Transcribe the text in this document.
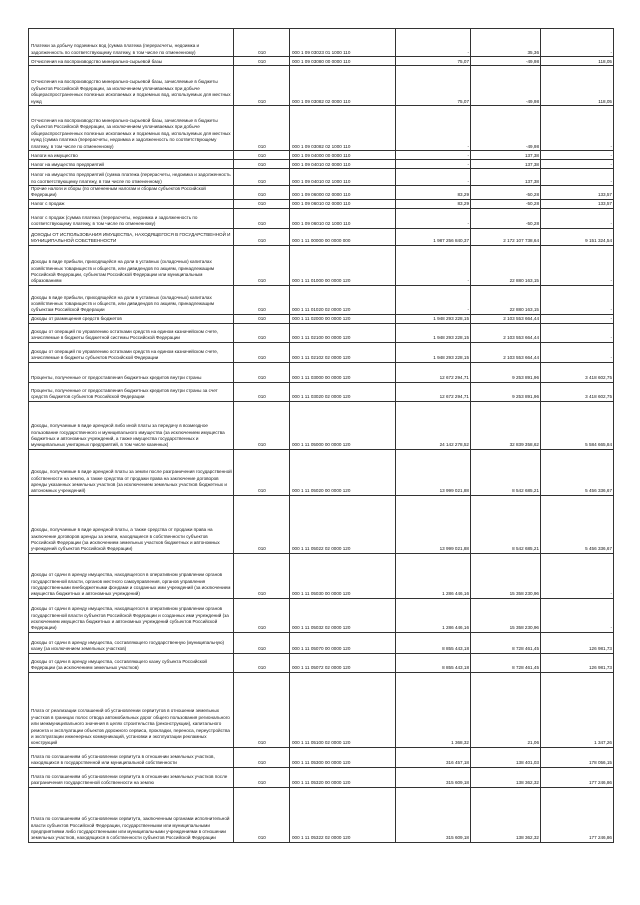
Платежи за добычу подземных вод (сумма платежа (перерасчеты, недоимка и задолженность по соответствующему платежу, в том числе по отмененному)	010	000 1 09 03023 01 1000 110	-	35,36	-
Отчисления на воспроизводство минерально-сырьевой базы	010	000 1 09 03080 00 0000 110	75,07	-49,98	118,05
Отчисления на воспроизводство минерально-сырьевой базы, зачисляемые в бюджеты субъектов Российской Федерации, за исключением уплачиваемых при добыче общераспространенных полезных ископаемых и подземных вод, используемых для местных нужд	010	000 1 09 03082 02 0000 110	75,07	-49,98	118,05
Отчисления на воспроизводство минерально-сырьевой базы, зачисляемые в бюджеты субъектов Российской Федерации, за исключением уплачиваемых при добыче общераспространенных полезных ископаемых и подземных вод, используемых для местных нужд (сумма платежа (перерасчеты, недоимка и задолженность по соответствующему платежу, в том числе по отмененному)	010	000 1 09 03082 02 1000 110	-	-49,98	-
Налоги на имущество	010	000 1 09 04000 00 0000 110	-	137,38	-
Налог на имущество предприятий	010	000 1 09 04010 02 0000 110	-	137,38	-
Налог на имущество предприятий (сумма платежа (перерасчеты, недоимка и задолженность по соответствующему платежу, в том числе по отмененному)	010	000 1 09 04010 02 1000 110	-	137,38	-
Прочие налоги и сборы (по отмененным налогам и сборам субъектов Российской Федерации)	010	000 1 09 06000 02 0000 110	83,29	-50,28	133,57
Налог с продаж	010	000 1 09 06010 02 0000 110	83,29	-50,28	133,57
Налог с продаж (сумма платежа (перерасчеты, недоимка и задолженность по соответствующему платежу, в том числе по отмененному)	010	000 1 09 06010 02 1000 110	-	-50,28	-
ДОХОДЫ ОТ ИСПОЛЬЗОВАНИЯ ИМУЩЕСТВА, НАХОДЯЩЕГОСЯ В ГОСУДАРСТВЕННОЙ И МУНИЦИПАЛЬНОЙ СОБСТВЕННОСТИ	010	000 1 11 00000 00 0000 000	1 987 256 840,37	2 172 107 738,64	9 151 324,54
Доходы в виде прибыли, приходящейся на доли в уставных (складочных) капиталах хозяйственных товариществ и обществ, или дивидендов по акциям, принадлежащим Российской Федерации, субъектам Российской Федерации или муниципальным образованиям	010	000 1 11 01000 00 0000 120	-	22 880 163,15	-
Доходы в виде прибыли, приходящейся на доли в уставных (складочных) капиталах хозяйственных товариществ и обществ, или дивидендов по акциям, принадлежащим субъектам Российской Федерации	010	000 1 11 01020 02 0000 120	-	22 880 163,15	-
Доходы от размещения средств бюджетов	010	000 1 11 02000 00 0000 120	1 948 293 228,15	2 103 553 664,44	-
Доходы от операций по управлению остатками средств на едином казначейском счете, зачисляемые в бюджеты бюджетной системы Российской Федерации	010	000 1 11 02100 00 0000 120	1 948 293 228,15	2 103 553 664,44	-
Доходы от операций по управлению остатками средств на едином казначейском счете, зачисляемые в бюджеты субъектов Российской Федерации	010	000 1 11 02102 02 0000 120	1 948 293 228,15	2 103 553 664,44	-
Проценты, полученные от предоставления бюджетных кредитов внутри страны	010	000 1 11 03000 00 0000 120	12 672 294,71	9 253 891,96	3 418 602,75
Проценты, полученные от предоставления бюджетных кредитов внутри страны за счет средств бюджетов субъектов Российской Федерации	010	000 1 11 03020 02 0000 120	12 672 294,71	9 253 891,96	3 418 602,75
Доходы, получаемые в виде арендной либо иной платы за передачу в возмездное пользование государственного и муниципального имущества (за исключением имущества бюджетных и автономных учреждений, а также имущества государственных и муниципальных унитарных предприятий, в том числе казенных)	010	000 1 11 05000 00 0000 120	24 142 278,52	32 839 358,62	5 584 665,84
Доходы, получаемые в виде арендной платы за земли после разграничения государственной собственности на землю, а также средства от продажи права на заключение договоров аренды указанных земельных участков (за исключением земельных участков бюджетных и автономных учреждений)	010	000 1 11 05020 00 0000 120	13 999 021,88	8 542 685,21	5 456 336,67
Доходы, получаемые в виде арендной платы, а также средства от продажи права на заключение договоров аренды за земли, находящиеся в собственности субъектов Российской Федерации (за исключением земельных участков бюджетных и автономных учреждений субъектов Российской Федерации)	010	000 1 11 05022 02 0000 120	13 999 021,88	8 542 685,21	5 456 336,67
Доходы от сдачи в аренду имущества, находящегося в оперативном управлении органов государственной власти, органов местного самоуправления, органов управления государственными внебюджетными фондами и созданных ими учреждений (за исключением имущества бюджетных и автономных учреждений)	010	000 1 11 05030 00 0000 120	1 286 446,16	15 358 230,96	-
Доходы от сдачи в аренду имущества, находящегося в оперативном управлении органов государственной власти субъектов Российской Федерации и созданных ими учреждений (за исключением имущества бюджетных и автономных учреждений субъектов Российской Федерации)	010	000 1 11 05032 02 0000 120	1 286 446,16	15 358 230,96	-
Доходы от сдачи в аренду имущества, составляющего государственную (муниципальную) казну (за исключением земельных участков)	010	000 1 11 05070 00 0000 120	8 855 443,18	8 728 461,45	126 981,73
Доходы от сдачи в аренду имущества, составляющего казну субъекта Российской Федерации (за исключением земельных участков)	010	000 1 11 05072 02 0000 120	8 855 443,18	8 728 461,45	126 981,73
Плата от реализации соглашений об установлении сервитутов в отношении земельных участков в границах полос отвода автомобильных дорог общего пользования регионального или межмуниципального значения в целях строительства (реконструкции), капитального ремонта и эксплуатации объектов дорожного сервиса, прокладки, переноса, переустройства и эксплуатации инженерных коммуникаций, установки и эксплуатации рекламных конструкций	010	000 1 11 05100 02 0000 120	1 368,32	21,06	1 347,26
Плата по соглашениям об установлении сервитута в отношении земельных участков, находящихся в государственной или муниципальной собственности	010	000 1 11 05300 00 0000 120	316 457,18	138 401,03	178 056,15
Плата по соглашениям об установлении сервитута в отношении земельных участков после разграничения государственной собственности на землю	010	000 1 11 05320 00 0000 120	315 609,18	138 362,32	177 246,86
Плата по соглашениям об установлении сервитута, заключенным органами исполнительной власти субъектов Российской Федерации, государственными или муниципальными предприятиями либо государственными или муниципальными учреждениями в отношении земельных участков, находящихся в собственности субъектов Российской Федерации	010	000 1 11 05322 02 0000 120	315 609,18	138 362,32	177 246,86
